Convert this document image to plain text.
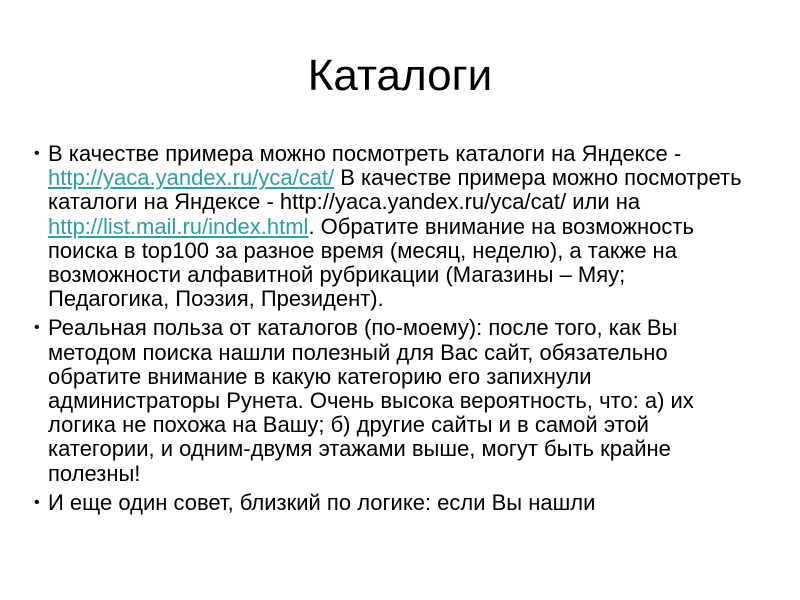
Каталоги
• В качестве примера можно посмотреть каталоги на Яндексе - http://yaca.yandex.ru/yca/cat/ В качестве примера можно посмотреть каталоги на Яндексе - http://yaca.yandex.ru/yca/cat/ или на http://list.mail.ru/index.html. Обратите внимание на возможность поиска в top100 за разное время (месяц, неделю), а также на возможности алфавитной рубрикации (Магазины – Мяу; Педагогика, Поэзия, Президент).
• Реальная польза от каталогов (по-моему): после того, как Вы методом поиска нашли полезный для Вас сайт, обязательно обратите внимание в какую категорию его запихнули администраторы Рунета. Очень высока вероятность, что: а) их логика не похожа на Вашу; б) другие сайты и в самой этой категории, и одним-двумя этажами выше, могут быть крайне полезны!
• И еще один совет, близкий по логике: если Вы нашли
